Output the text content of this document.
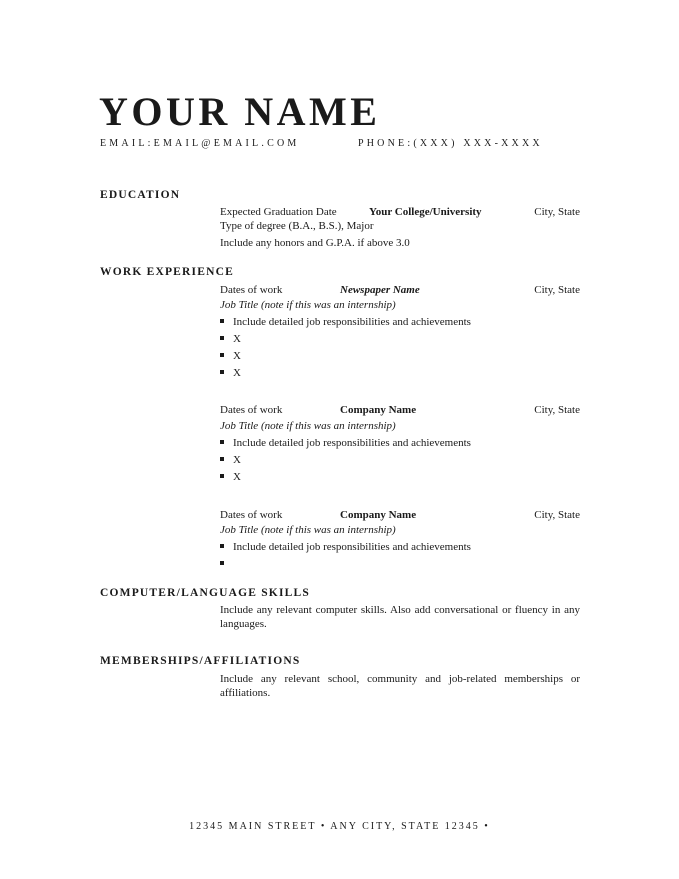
YOUR NAME
EMAIL:EMAIL@EMAIL.COM	PHONE:(XXX) XXX-XXXX
EDUCATION
Expected Graduation Date	Your College/University	City, State
Type of degree (B.A., B.S.), Major
Include any honors and G.P.A. if above 3.0
WORK EXPERIENCE
Dates of work	Newspaper Name	City, State
Job Title (note if this was an internship)
Include detailed job responsibilities and achievements
X
X
X
Dates of work	Company Name	City, State
Job Title (note if this was an internship)
Include detailed job responsibilities and achievements
X
X
Dates of work	Company Name	City, State
Job Title (note if this was an internship)
Include detailed job responsibilities and achievements
COMPUTER/LANGUAGE SKILLS
Include any relevant computer skills. Also add conversational or fluency in any languages.
MEMBERSHIPS/AFFILIATIONS
Include any relevant school, community and job-related memberships or affiliations.
12345 MAIN STREET • ANY CITY, STATE 12345 •
